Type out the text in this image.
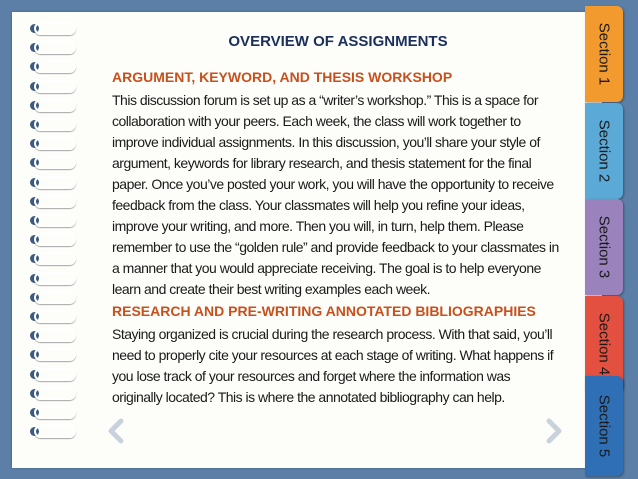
OVERVIEW OF ASSIGNMENTS
ARGUMENT, KEYWORD, AND THESIS WORKSHOP
This discussion forum is set up as a “writer’s workshop.” This is a space for
collaboration with your peers. Each week, the class will work together to
improve individual assignments. In this discussion, you’ll share your style of
argument, keywords for library research, and thesis statement for the final
paper. Once you’ve posted your work, you will have the opportunity to receive
feedback from the class. Your classmates will help you refine your ideas,
improve your writing, and more. Then you will, in turn, help them. Please
remember to use the “golden rule” and provide feedback to your classmates in
a manner that you would appreciate receiving. The goal is to help everyone
learn and create their best writing examples each week.
RESEARCH AND PRE-WRITING ANNOTATED BIBLIOGRAPHIES
Staying organized is crucial during the research process. With that said, you’ll
need to properly cite your resources at each stage of writing. What happens if
you lose track of your resources and forget where the information was
originally located? This is where the annotated bibliography can help.
Section 1
Section 2
Section 3
Section 4
Section 5
